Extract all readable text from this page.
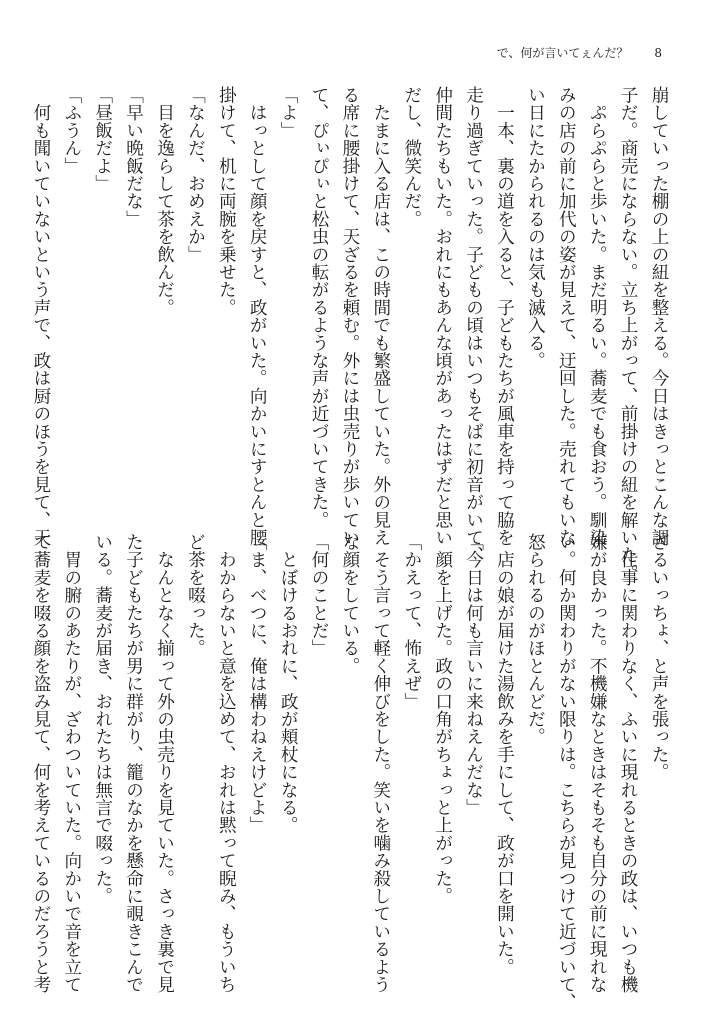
で、何が言いてぇんだ？ 8
崩していった棚の上の紐を整える。今日はきっとこんな調
子だ。商売にならない。立ち上がって、前掛けの紐を解いた。
　ぷらぷらと歩いた。まだ明るい。蕎麦でも食おう。馴染
みの店の前に加代の姿が見えて、迂回した。売れてもいな
い日にたかられるのは気も滅入る。
　一本、裏の道を入ると、子どもたちが風車を持って脇を
走り過ぎていった。子どもの頃はいつもそばに初音がいて、
仲間たちもいた。おれにもあんな頃があったはずだと思い
だし、微笑んだ。
　たまに入る店は、この時間でも繁盛していた。外の見え
る席に腰掛けて、天ざるを頼む。外には虫売りが歩いてい
て、ぴぃぴぃと松虫の転がるような声が近づいてきた。
「よ」
　はっとして顔を戻すと、政がいた。向かいにすとんと腰
掛けて、机に両腕を乗せた。
「なんだ、おめえか」
　目を逸らして茶を飲んだ。
「早い晩飯だな」
「昼飯だよ」
「ふうん」
　何も聞いていないという声で、政は厨のほうを見て、天
ざるいっちょ、と声を張った。
　仕事に関わりなく、ふいに現れるときの政は、いつも機
嫌が良かった。不機嫌なときはそもそも自分の前に現れな
い。何か関わりがない限りは。こちらが見つけて近づいて、
怒られるのがほとんどだ。
　店の娘が届けた湯飲みを手にして、政が口を開いた。
「今日は何も言いに来ねえんだな」
　顔を上げた。政の口角がちょっと上がった。
「かえって、怖えぜ」
　そう言って軽く伸びをした。笑いを噛み殺しているよう
な顔をしている。
「何のことだ」
　とぼけるおれに、政が頬杖になる。
「ま、べつに、俺は構わねえけどよ」
　わからないと意を込めて、おれは黙って睨み、もういち
ど茶を啜った。
　なんとなく揃って外の虫売りを見ていた。さっき裏で見
た子どもたちが男に群がり、籠のなかを懸命に覗きこんで
いる。蕎麦が届き、おれたちは無言で啜った。
　胃の腑のあたりが、ざわついていた。向かいで音を立て
て蕎麦を啜る顔を盗み見て、何を考えているのだろうと考
